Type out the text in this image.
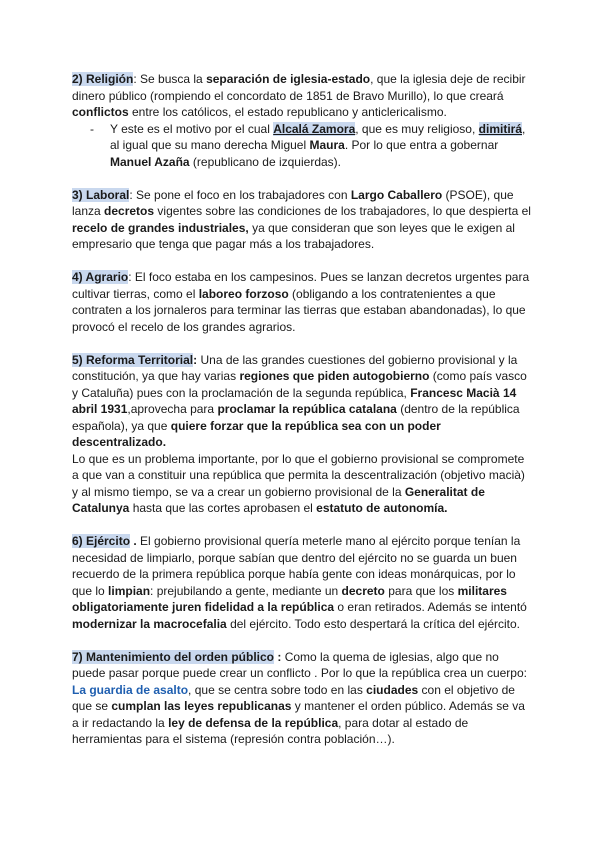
2) Religión: Se busca la separación de iglesia-estado, que la iglesia deje de recibir dinero público (rompiendo el concordato de 1851 de Bravo Murillo), lo que creará conflictos entre los católicos, el estado republicano y anticlericalismo.
- Y este es el motivo por el cual Alcalá Zamora, que es muy religioso, dimitirá, al igual que su mano derecha Miguel Maura. Por lo que entra a gobernar Manuel Azaña (republicano de izquierdas).
3) Laboral: Se pone el foco en los trabajadores con Largo Caballero (PSOE), que lanza decretos vigentes sobre las condiciones de los trabajadores, lo que despierta el recelo de grandes industriales, ya que consideran que son leyes que le exigen al empresario que tenga que pagar más a los trabajadores.
4) Agrario: El foco estaba en los campesinos. Pues se lanzan decretos urgentes para cultivar tierras, como el laboreo forzoso (obligando a los contratenientes a que contraten a los jornaleros para terminar las tierras que estaban abandonadas), lo que provocó el recelo de los grandes agrarios.
5) Reforma Territorial: Una de las grandes cuestiones del gobierno provisional y la constitución, ya que hay varias regiones que piden autogobierno (como país vasco y Cataluña) pues con la proclamación de la segunda república, Francesc Macià 14 abril 1931,aprovecha para proclamar la república catalana (dentro de la república española), ya que quiere forzar que la república sea con un poder descentralizado.
Lo que es un problema importante, por lo que el gobierno provisional se compromete a que van a constituir una república que permita la descentralización (objetivo macià) y al mismo tiempo, se va a crear un gobierno provisional de la Generalitat de Catalunya hasta que las cortes aprobasen el estatuto de autonomía.
6) Ejército . El gobierno provisional quería meterle mano al ejército porque tenían la necesidad de limpiarlo, porque sabían que dentro del ejército no se guarda un buen recuerdo de la primera república porque había gente con ideas monárquicas, por lo que lo limpian: prejubilando a gente, mediante un decreto para que los militares obligatoriamente juren fidelidad a la república o eran retirados. Además se intentó modernizar la macrocefalia del ejército. Todo esto despertará la crítica del ejército.
7) Mantenimiento del orden público : Como la quema de iglesias, algo que no puede pasar porque puede crear un conflicto . Por lo que la república crea un cuerpo: La guardia de asalto, que se centra sobre todo en las ciudades con el objetivo de que se cumplan las leyes republicanas y mantener el orden público. Además se va a ir redactando la ley de defensa de la república, para dotar al estado de herramientas para el sistema (represión contra población…).
